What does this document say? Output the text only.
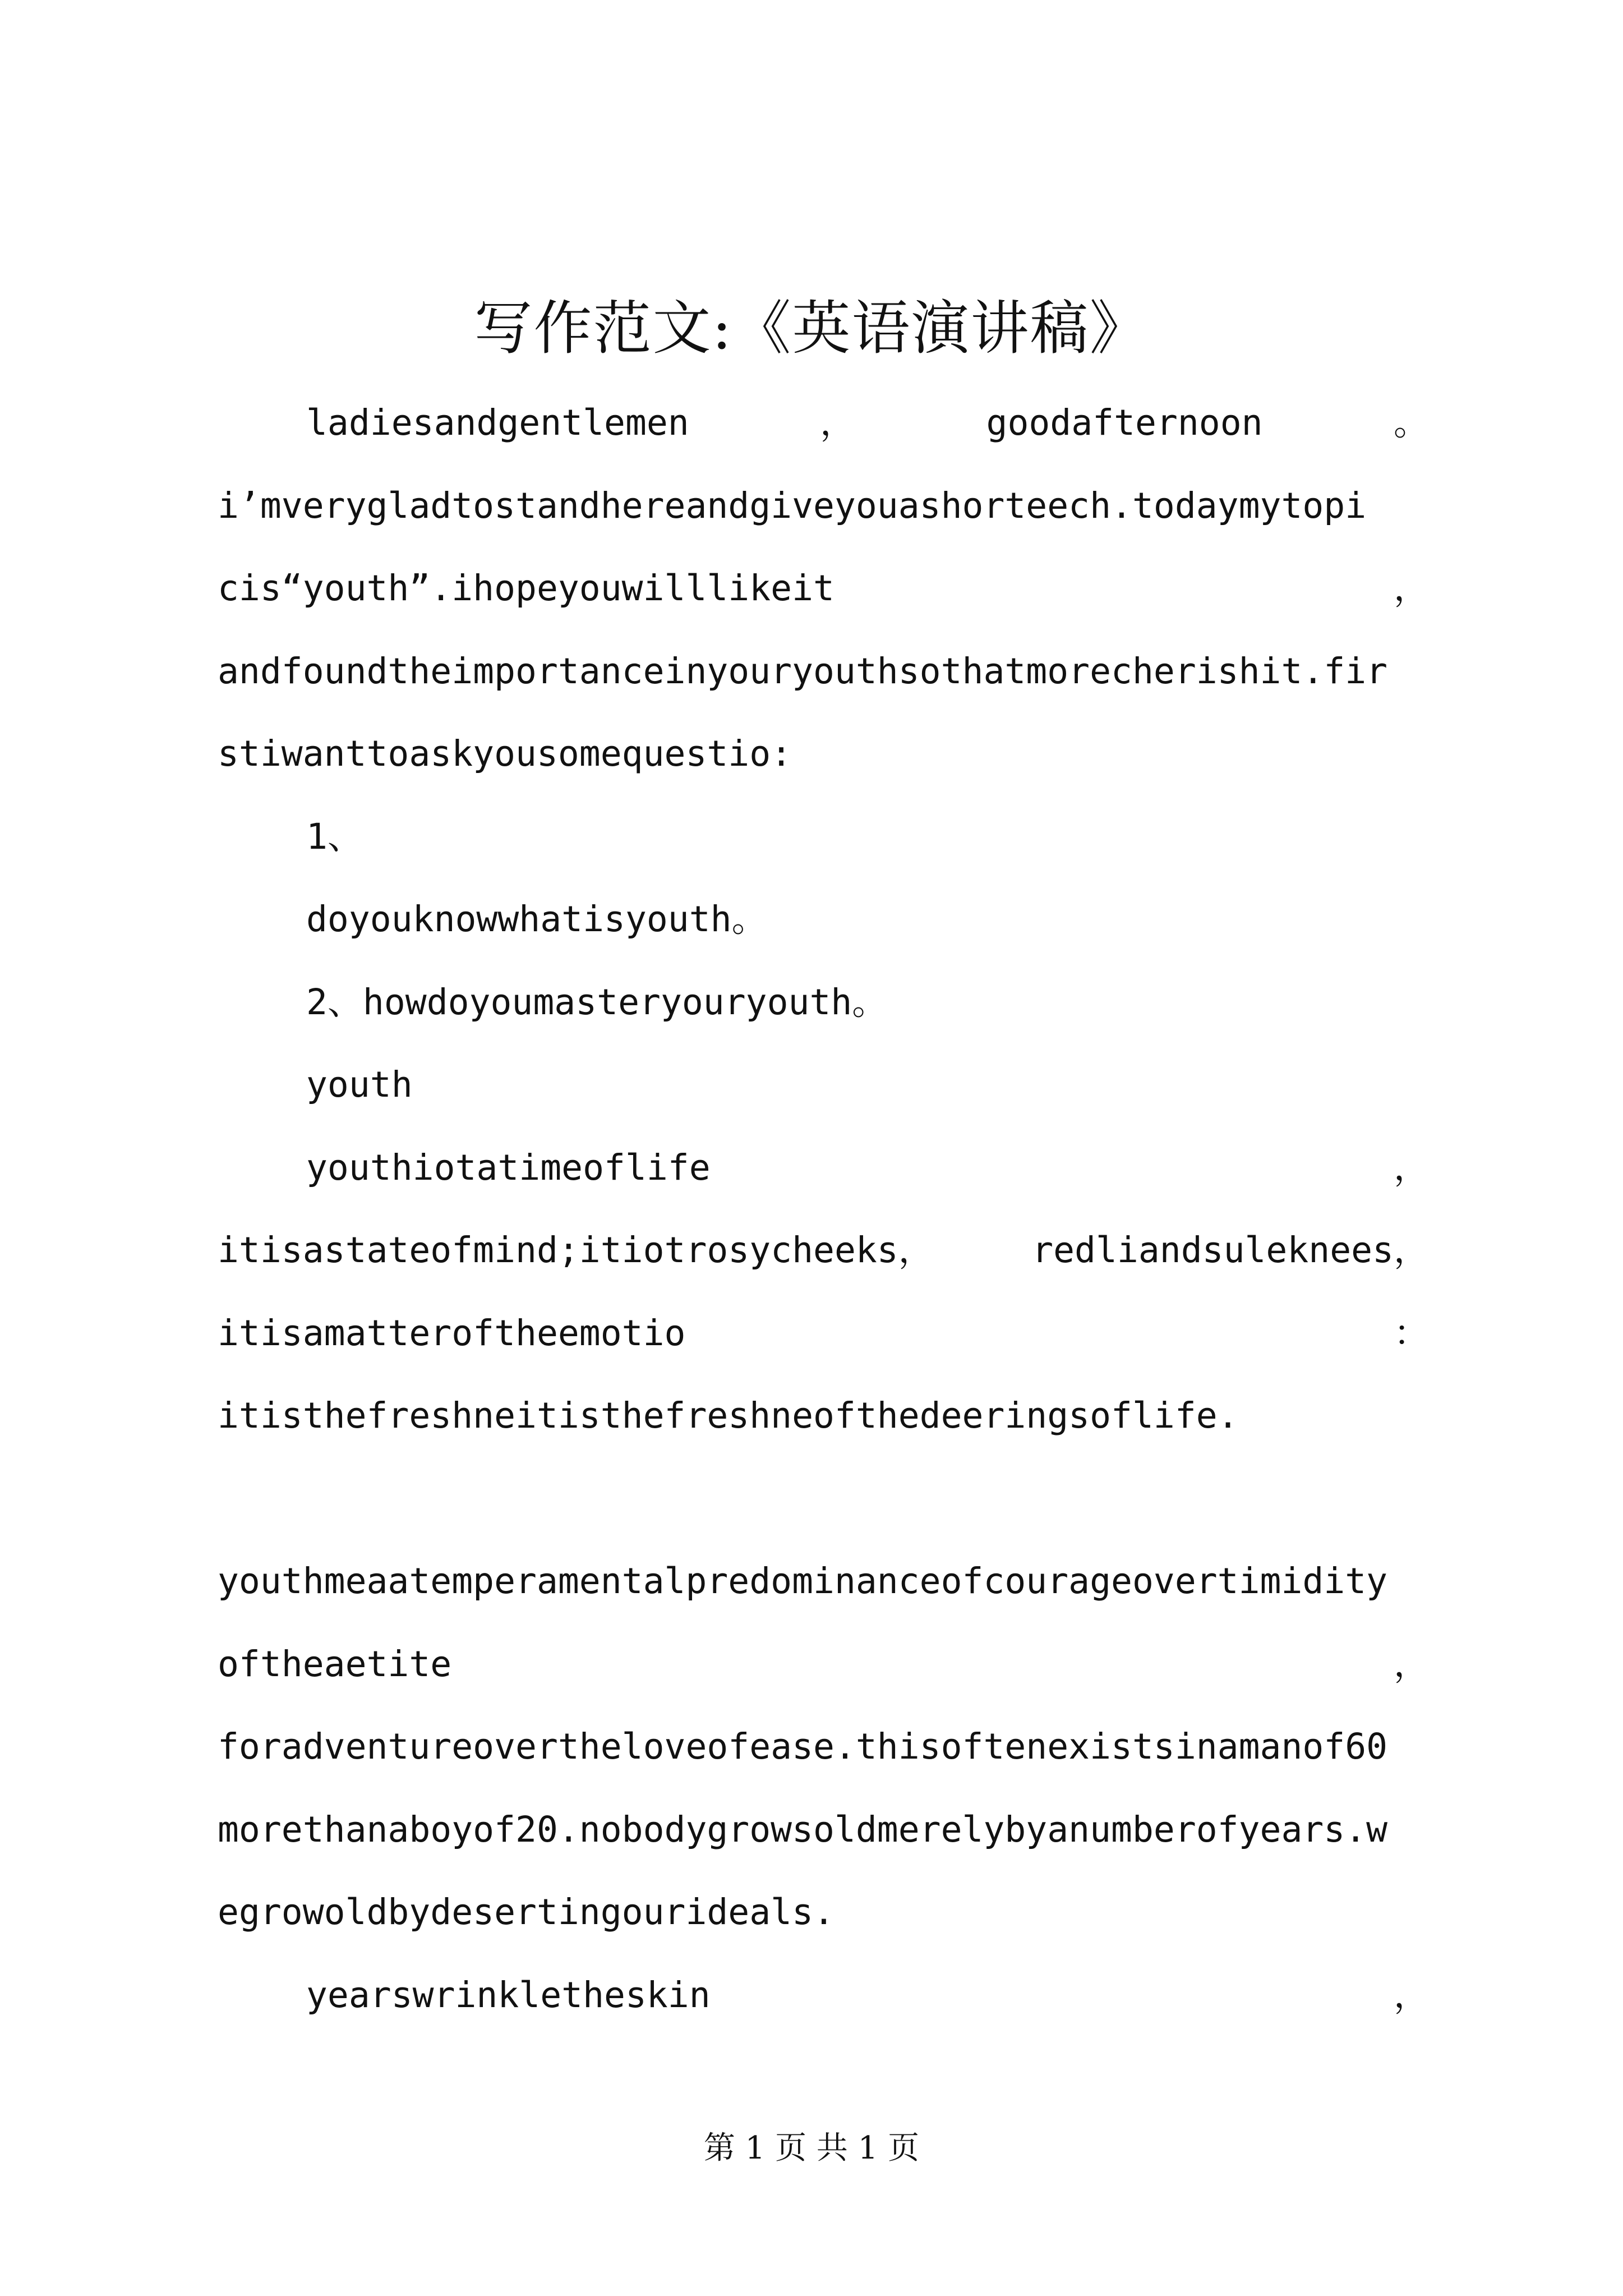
写作范文:《英语演讲稿》
ladiesandgentlemen	，	goodafternoon	。
i’mverygladtostandhereandgiveyouashorteech.todaymytopi
cis“youth”.ihopeyouwilllikeit	，
andfoundtheimportanceinyouryouthsothatmorecherishit.fir
stiwanttoaskyousomequestio:
1、
doyouknowwhatisyouth。
2、howdoyoumasteryouryouth。
youth
youthiotatimeoflife	，
itisastateofmind;itiotrosycheeks，	redliandsuleknees，
itisamatteroftheemotio	：
itisthefreshneitisthefreshneofthedeeringsoflife.
youthmeaatemperamentalpredominanceofcourageovertimidity
oftheaetite	，
foradventureovertheloveofease.thisoftenexistsinamanof60
morethanaboyof20.nobodygrowsoldmerelybyanumberofyears.w
egrowoldbydesertingourideals.
yearswrinkletheskin	，
第 1 页 共 1 页
